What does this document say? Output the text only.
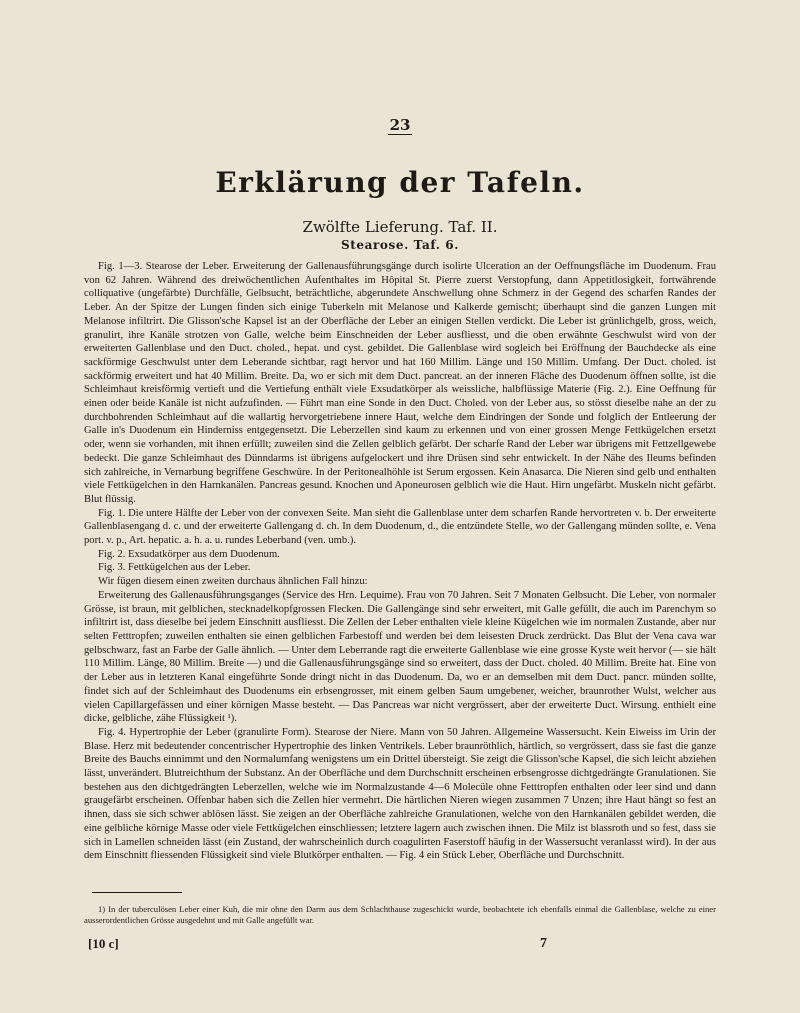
23
Erklärung der Tafeln.
Zwölfte Lieferung. Taf. II.
Stearose. Taf. 6.

Fig. 1—3. Stearose der Leber. Erweiterung der Gallenausführungsgänge durch isolirte Ulceration an der Oeffnungsfläche im Duodenum. Frau von 62 Jahren. Während des dreiwöchentlichen Aufenthaltes im Hôpital St. Pierre zuerst Verstopfung, dann Appetitlosigkeit, fortwährende colliquative (ungefärbte) Durchfälle, Gelbsucht, beträchtliche, abgerundete Anschwellung ohne Schmerz in der Gegend des scharfen Randes der Leber. An der Spitze der Lungen finden sich einige Tuberkeln mit Melanose und Kalkerde gemischt; überhaupt sind die ganzen Lungen mit Melanose infiltrirt. Die Glisson'sche Kapsel ist an der Oberfläche der Leber an einigen Stellen verdickt. Die Leber ist grünlichgelb, gross, weich, granulirt, ihre Kanäle strotzen von Galle, welche beim Einschneiden der Leber ausfliesst, und die oben erwähnte Geschwulst wird von der erweiterten Gallenblase und den Duct. choled., hepat. und cyst. gebildet. Die Gallenblase wird sogleich bei Eröffnung der Bauchdecke als eine sackförmige Geschwulst unter dem Leberande sichtbar, ragt hervor und hat 160 Millim. Länge und 150 Millim. Umfang. Der Duct. choled. ist sackförmig erweitert und hat 40 Millim. Breite. Da, wo er sich mit dem Duct. pancreat. an der inneren Fläche des Duodenum öffnen sollte, ist die Schleimhaut kreisförmig vertieft und die Vertiefung enthält viele Exsudatkörper als weissliche, halbflüssige Materie (Fig. 2.). Eine Oeffnung für einen oder beide Kanäle ist nicht aufzufinden. — Führt man eine Sonde in den Duct. Choled. von der Leber aus, so stösst dieselbe nahe an der zu durchbohrenden Schleimhaut auf die wallartig hervorgetriebene innere Haut, welche dem Eindringen der Sonde und folglich der Entleerung der Galle in's Duodenum ein Hinderniss entgegensetzt. Die Leberzellen sind kaum zu erkennen und von einer grossen Menge Fettkügelchen ersetzt oder, wenn sie vorhanden, mit ihnen erfüllt; zuweilen sind die Zellen gelblich gefärbt. Der scharfe Rand der Leber war übrigens mit Fettzellgewebe bedeckt. Die ganze Schleimhaut des Dünndarms ist übrigens aufgelockert und ihre Drüsen sind sehr entwickelt. In der Nähe des Ileums befinden sich zahlreiche, in Vernarbung begriffene Geschwüre. In der Peritonealhöhle ist Serum ergossen. Kein Anasarca. Die Nieren sind gelb und enthalten viele Fettkügelchen in den Harnkanälen. Pancreas gesund. Knochen und Aponeurosen gelblich wie die Haut. Hirn ungefärbt. Muskeln nicht gefärbt. Blut flüssig.

Fig. 1. Die untere Hälfte der Leber von der convexen Seite. Man sieht die Gallenblase unter dem scharfen Rande hervortreten v. b. Der erweiterte Gallenblasengang d. c. und der erweiterte Gallengang d. ch. In dem Duodenum, d., die entzündete Stelle, wo der Gallengang münden sollte, e. Vena port. v. p., Art. hepatic. a. h. a. u. rundes Leberband (ven. umb.).

Fig. 2. Exsudatkörper aus dem Duodenum.

Fig. 3. Fettkügelchen aus der Leber.

Wir fügen diesem einen zweiten durchaus ähnlichen Fall hinzu:

Erweiterung des Gallenausführungsganges (Service des Hrn. Lequime). Frau von 70 Jahren. Seit 7 Monaten Gelbsucht. Die Leber, von normaler Grösse, ist braun, mit gelblichen, stecknadelkopfgrossen Flecken. Die Gallengänge sind sehr erweitert, mit Galle gefüllt, die auch im Parenchym so infiltrirt ist, dass dieselbe bei jedem Einschnitt ausfliesst. Die Zellen der Leber enthalten viele kleine Kügelchen wie im normalen Zustande, aber nur selten Fetttropfen; zuweilen enthalten sie einen gelblichen Farbestoff und werden bei dem leisesten Druck zerdrückt. Das Blut der Vena cava war gelbschwarz, fast an Farbe der Galle ähnlich. — Unter dem Leberrande ragt die erweiterte Gallenblase wie eine grosse Kyste weit hervor (— sie hält 110 Millim. Länge, 80 Millim. Breite —) und die Gallenausführungsgänge sind so erweitert, dass der Duct. choled. 40 Millim. Breite hat. Eine von der Leber aus in letzteren Kanal eingeführte Sonde dringt nicht in das Duodenum. Da, wo er an demselben mit dem Duct. pancr. münden sollte, findet sich auf der Schleimhaut des Duodenums ein erbsengrosser, mit einem gelben Saum umgebener, weicher, braunrother Wulst, welcher aus vielen Capillargefässen und einer körnigen Masse besteht. — Das Pancreas war nicht vergrössert, aber der erweiterte Duct. Wirsung. enthielt eine dicke, gelbliche, zähe Flüssigkeit ¹).

Fig. 4. Hypertrophie der Leber (granulirte Form). Stearose der Niere. Mann von 50 Jahren. Allgemeine Wassersucht. Kein Eiweiss im Urin der Blase. Herz mit bedeutender concentrischer Hypertrophie des linken Ventrikels. Leber braunröthlich, härtlich, so vergrössert, dass sie fast die ganze Breite des Bauchs einnimmt und den Normalumfang wenigstens um ein Drittel übersteigt. Sie zeigt die Glisson'sche Kapsel, die sich leicht abziehen lässt, unverändert. Blutreichthum der Substanz. An der Oberfläche und dem Durchschnitt erscheinen erbsengrosse dichtgedrängte Granulationen. Sie bestehen aus den dichtgedrängten Leberzellen, welche wie im Normalzustande 4—6 Molecüle ohne Fetttropfen enthalten oder leer sind und dann graugefärbt erscheinen. Offenbar haben sich die Zellen hier vermehrt. Die härtlichen Nieren wiegen zusammen 7 Unzen; ihre Haut hängt so fest an ihnen, dass sie sich schwer ablösen lässt. Sie zeigen an der Oberfläche zahlreiche Granulationen, welche von den Harnkanälen gebildet werden, die eine gelbliche körnige Masse oder viele Fettkügelchen einschliessen; letztere lagern auch zwischen ihnen. Die Milz ist blassroth und so fest, dass sie sich in Lamellen schneiden lässt (ein Zustand, der wahrscheinlich durch coagulirten Faserstoff häufig in der Wassersucht veranlasst wird). In der aus dem Einschnitt fliessenden Flüssigkeit sind viele Blutkörper enthalten. — Fig. 4 ein Stück Leber, Oberfläche und Durchschnitt.

1) In der tuberculösen Leber einer Kuh, die mir ohne den Darm aus dem Schlachthause zugeschickt wurde, beobachtete ich ebenfalls einmal die Gallenblase, welche zu einer ausserordentlichen Grösse ausgedehnt und mit Galle angefüllt war.

[10 c]	7
